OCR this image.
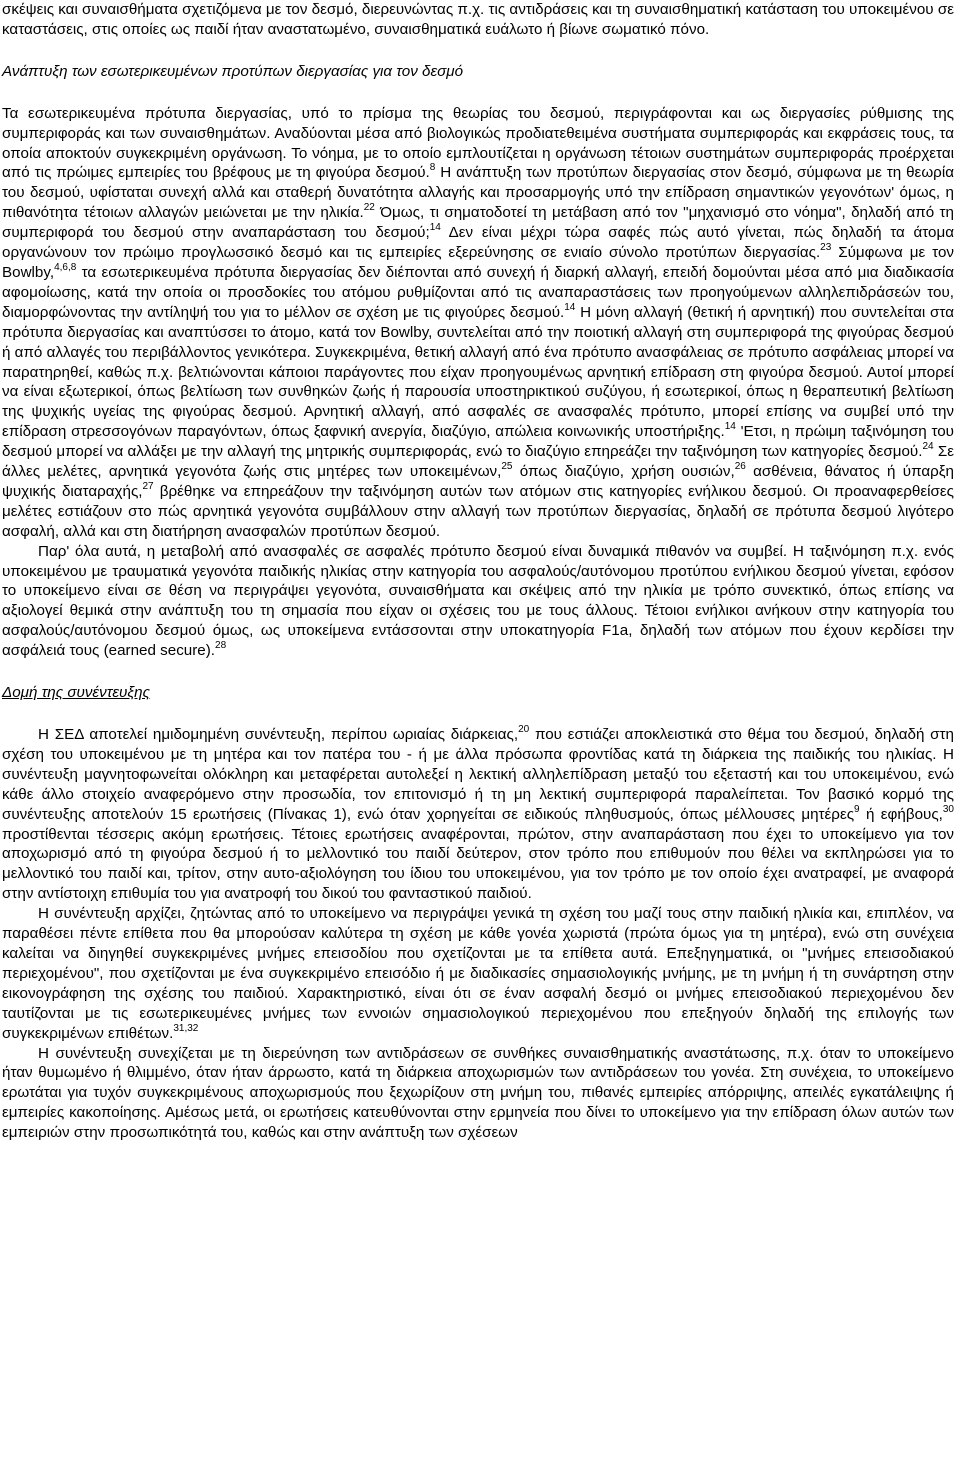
σκέψεις και συναισθήματα σχετιζόμενα με τον δεσμό, διερευνώντας π.χ. τις αντιδράσεις και τη συναισθηματική κατάσταση του υποκειμένου σε καταστάσεις, στις οποίες ως παιδί ήταν αναστατωμένο, συναισθηματικά ευάλωτο ή βίωνε σωματικό πόνο.

Ανάπτυξη των εσωτερικευμένων προτύπων διεργασίας για τον δεσμό

Τα εσωτερικευμένα πρότυπα διεργασίας, υπό το πρίσμα της θεωρίας του δεσμού, περιγράφονται και ως διεργασίες ρύθμισης της συμπεριφοράς και των συναισθημάτων. Αναδύονται μέσα από βιολογικώς προδιατεθειμένα συστήματα συμπεριφοράς και εκφράσεις τους, τα οποία αποκτούν συγκεκριμένη οργάνωση. Το νόημα, με το οποίο εμπλουτίζεται η οργάνωση τέτοιων συστημάτων συμπεριφοράς προέρχεται από τις πρώιμες εμπειρίες του βρέφους με τη φιγούρα δεσμού.$^8$ Η ανάπτυξη των προτύπων διεργασίας στον δεσμό, σύμφωνα με τη θεωρία του δεσμού, υφίσταται συνεχή αλλά και σταθερή δυνατότητα αλλαγής και προσαρμογής υπό την επίδραση σημαντικών γεγονότων' όμως, η πιθανότητα τέτοιων αλλαγών μειώνεται με την ηλικία.$^{22}$ Όμως, τι σηματοδοτεί τη μετάβαση από τον "μηχανισμό στο νόημα", δηλαδή από τη συμπεριφορά του δεσμού στην αναπαράσταση του δεσμού;$^{14}$ Δεν είναι μέχρι τώρα σαφές πώς αυτό γίνεται, πώς δηλαδή τα άτομα οργανώνουν τον πρώιμο προγλωσσικό δεσμό και τις εμπειρίες εξερεύνησης σε ενιαίο σύνολο προτύπων διεργασίας.$^{23}$ Σύμφωνα με τον Bowlby,$^{4,6,8}$ τα εσωτερικευμένα πρότυπα διεργασίας δεν διέπονται από συνεχή ή διαρκή αλλαγή, επειδή δομούνται μέσα από μια διαδικασία αφομοίωσης, κατά την οποία οι προσδοκίες του ατόμου ρυθμίζονται από τις αναπαραστάσεις των προηγούμενων αλληλεπιδράσεών του, διαμορφώνοντας την αντίληψή του για το μέλλον σε σχέση με τις φιγούρες δεσμού.$^{14}$ Η μόνη αλλαγή (θετική ή αρνητική) που συντελείται στα πρότυπα διεργασίας και αναπτύσσει το άτομο, κατά τον Bowlby, συντελείται από την ποιοτική αλλαγή στη συμπεριφορά της φιγούρας δεσμού ή από αλλαγές του περιβάλλοντος γενικότερα. Συγκεκριμένα, θετική αλλαγή από ένα πρότυπο ανασφάλειας σε πρότυπο ασφάλειας μπορεί να παρατηρηθεί, καθώς π.χ. βελτιώνονται κάποιοι παράγοντες που είχαν προηγουμένως αρνητική επίδραση στη φιγούρα δεσμού. Αυτοί μπορεί να είναι εξωτερικοί, όπως βελτίωση των συνθηκών ζωής ή παρουσία υποστηρικτικού συζύγου, ή εσωτερικοί, όπως η θεραπευτική βελτίωση της ψυχικής υγείας της φιγούρας δεσμού. Αρνητική αλλαγή, από ασφαλές σε ανασφαλές πρότυπο, μπορεί επίσης να συμβεί υπό την επίδραση στρεσσογόνων παραγόντων, όπως ξαφνική ανεργία, διαζύγιο, απώλεια κοινωνικής υποστήριξης.$^{14}$ 'Ετσι, η πρώιμη ταξινόμηση του δεσμού μπορεί να αλλάξει με την αλλαγή της μητρικής συμπεριφοράς, ενώ το διαζύγιο επηρεάζει την ταξινόμηση των κατηγορίες δεσμού.$^{24}$ Σε άλλες μελέτες, αρνητικά γεγονότα ζωής στις μητέρες των υποκειμένων,$^{25}$ όπως διαζύγιο, χρήση ουσιών,$^{26}$ ασθένεια, θάνατος ή ύπαρξη ψυχικής διαταραχής,$^{27}$ βρέθηκε να επηρεάζουν την ταξινόμηση αυτών των ατόμων στις κατηγορίες ενήλικου δεσμού. Οι προαναφερθείσες μελέτες εστιάζουν στο πώς αρνητικά γεγονότα συμβάλλουν στην αλλαγή των προτύπων διεργασίας, δηλαδή σε πρότυπα δεσμού λιγότερο ασφαλή, αλλά και στη διατήρηση ανασφαλών προτύπων δεσμού.

Παρ' όλα αυτά, η μεταβολή από ανασφαλές σε ασφαλές πρότυπο δεσμού είναι δυναμικά πιθανόν να συμβεί. Η ταξινόμηση π.χ. ενός υποκειμένου με τραυματικά γεγονότα παιδικής ηλικίας στην κατηγορία του ασφαλούς/αυτόνομου προτύπου ενήλικου δεσμού γίνεται, εφόσον το υποκείμενο είναι σε θέση να περιγράψει γεγονότα, συναισθήματα και σκέψεις από την ηλικία με τρόπο συνεκτικό, όπως επίσης να αξιολογεί θεμικά στην ανάπτυξη του τη σημασία που είχαν οι σχέσεις του με τους άλλους. Τέτοιοι ενήλικοι ανήκουν στην κατηγορία του ασφαλούς/αυτόνομου δεσμού όμως, ως υποκείμενα εντάσσονται στην υποκατηγορία F1a, δηλαδή των ατόμων που έχουν κερδίσει την ασφάλειά τους (earned secure).$^{28}$

Δομή της συνέντευξης

Η ΣΕΔ αποτελεί ημιδομημένη συνέντευξη, περίπου ωριαίας διάρκειας,$^{20}$ που εστιάζει αποκλειστικά στο θέμα του δεσμού, δηλαδή στη σχέση του υποκειμένου με τη μητέρα και τον πατέρα του - ή με άλλα πρόσωπα φροντίδας κατά τη διάρκεια της παιδικής του ηλικίας. Η συνέντευξη μαγνητοφωνείται ολόκληρη και μεταφέρεται αυτολεξεί η λεκτική αλληλεπίδραση μεταξύ του εξεταστή και του υποκειμένου, ενώ κάθε άλλο στοιχείο αναφερόμενο στην προσωδία, τον επιτονισμό ή τη μη λεκτική συμπεριφορά παραλείπεται. Τον βασικό κορμό της συνέντευξης αποτελούν 15 ερωτήσεις (Πίνακας 1), ενώ όταν χορηγείται σε ειδικούς πληθυσμούς, όπως μέλλουσες μητέρες$^9$ ή εφήβους,$^{30}$ προστίθενται τέσσερις ακόμη ερωτήσεις. Τέτοιες ερωτήσεις αναφέρονται, πρώτον, στην αναπαράσταση που έχει το υποκείμενο για τον αποχωρισμό από τη φιγούρα δεσμού ή το μελλοντικό του παιδί δεύτερον, στον τρόπο που επιθυμούν που θέλει να εκπληρώσει για το μελλοντικό του παιδί και, τρίτον, στην αυτο-αξιολόγηση του ίδιου του υποκειμένου, για τον τρόπο με τον οποίο έχει ανατραφεί, με αναφορά στην αντίστοιχη επιθυμία του για ανατροφή του δικού του φανταστικού παιδιού.

Η συνέντευξη αρχίζει, ζητώντας από το υποκείμενο να περιγράψει γενικά τη σχέση του μαζί τους στην παιδική ηλικία και, επιπλέον, να παραθέσει πέντε επίθετα που θα μπορούσαν καλύτερα τη σχέση με κάθε γονέα χωριστά (πρώτα όμως για τη μητέρα), ενώ στη συνέχεια καλείται να διηγηθεί συγκεκριμένες μνήμες επεισοδίου που σχετίζονται με τα επίθετα αυτά. Επεξηγηματικά, οι "μνήμες επεισοδιακού περιεχομένου", που σχετίζονται με ένα συγκεκριμένο επεισόδιο ή με διαδικασίες σημασιολογικής μνήμης, με τη μνήμη ή τη συνάρτηση στην εικονογράφηση της σχέσης του παιδιού. Χαρακτηριστικό, είναι ότι σε έναν ασφαλή δεσμό οι μνήμες επεισοδιακού περιεχομένου δεν ταυτίζονται με τις εσωτερικευμένες μνήμες των εννοιών σημασιολογικού περιεχομένου που επεξηγούν δηλαδή της επιλογής των συγκεκριμένων επιθέτων.$^{31,32}$

Η συνέντευξη συνεχίζεται με τη διερεύνηση των αντιδράσεων σε συνθήκες συναισθηματικής αναστάτωσης, π.χ. όταν το υποκείμενο ήταν θυμωμένο ή θλιμμένο, όταν ήταν άρρωστο, κατά τη διάρκεια αποχωρισμών των αντιδράσεων του γονέα. Στη συνέχεια, το υποκείμενο ερωτάται για τυχόν συγκεκριμένους αποχωρισμούς που ξεχωρίζουν στη μνήμη του, πιθανές εμπειρίες απόρριψης, απειλές εγκατάλειψης ή εμπειρίες κακοποίησης. Αμέσως μετά, οι ερωτήσεις κατευθύνονται στην ερμηνεία που δίνει το υποκείμενο για την επίδραση όλων αυτών των εμπειριών στην προσωπικότητά του, καθώς και στην ανάπτυξη των σχέσεων
